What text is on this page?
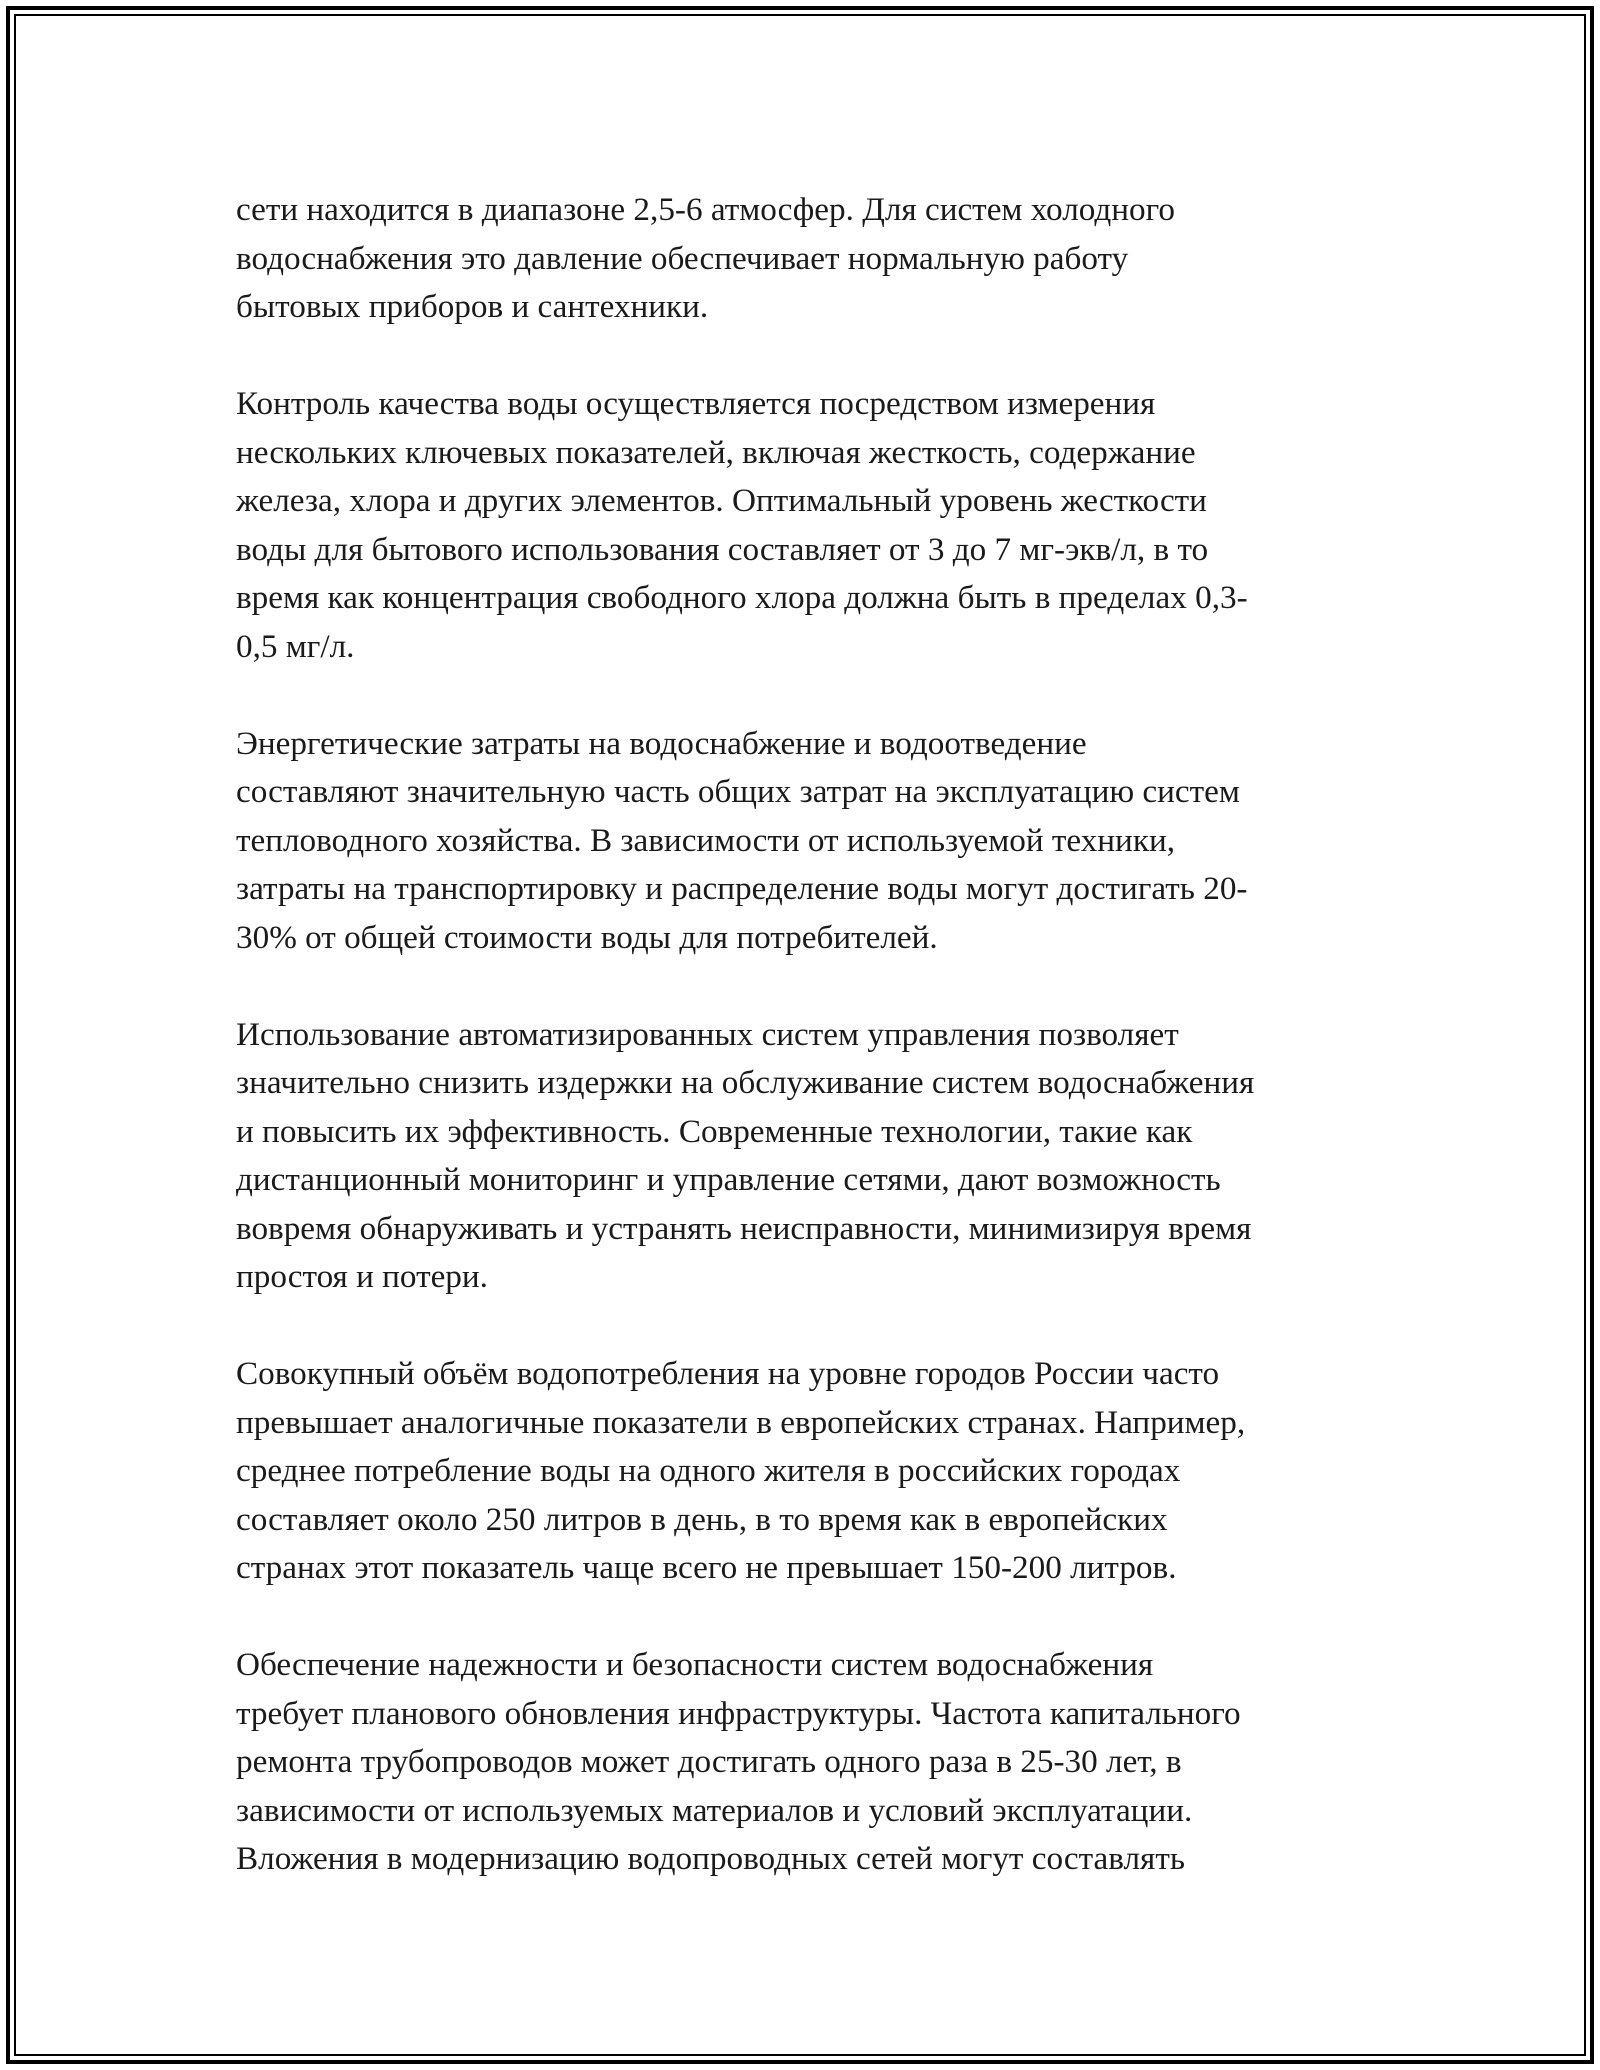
сети находится в диапазоне 2,5-6 атмосфер. Для систем холодного
водоснабжения это давление обеспечивает нормальную работу
бытовых приборов и сантехники.

Контроль качества воды осуществляется посредством измерения
нескольких ключевых показателей, включая жесткость, содержание
железа, хлора и других элементов. Оптимальный уровень жесткости
воды для бытового использования составляет от 3 до 7 мг-экв/л, в то
время как концентрация свободного хлора должна быть в пределах 0,3-
0,5 мг/л.

Энергетические затраты на водоснабжение и водоотведение
составляют значительную часть общих затрат на эксплуатацию систем
тепловодного хозяйства. В зависимости от используемой техники,
затраты на транспортировку и распределение воды могут достигать 20-
30% от общей стоимости воды для потребителей.

Использование автоматизированных систем управления позволяет
значительно снизить издержки на обслуживание систем водоснабжения
и повысить их эффективность. Современные технологии, такие как
дистанционный мониторинг и управление сетями, дают возможность
вовремя обнаруживать и устранять неисправности, минимизируя время
простоя и потери.

Совокупный объём водопотребления на уровне городов России часто
превышает аналогичные показатели в европейских странах. Например,
среднее потребление воды на одного жителя в российских городах
составляет около 250 литров в день, в то время как в европейских
странах этот показатель чаще всего не превышает 150-200 литров.

Обеспечение надежности и безопасности систем водоснабжения
требует планового обновления инфраструктуры. Частота капитального
ремонта трубопроводов может достигать одного раза в 25-30 лет, в
зависимости от используемых материалов и условий эксплуатации.
Вложения в модернизацию водопроводных сетей могут составлять
